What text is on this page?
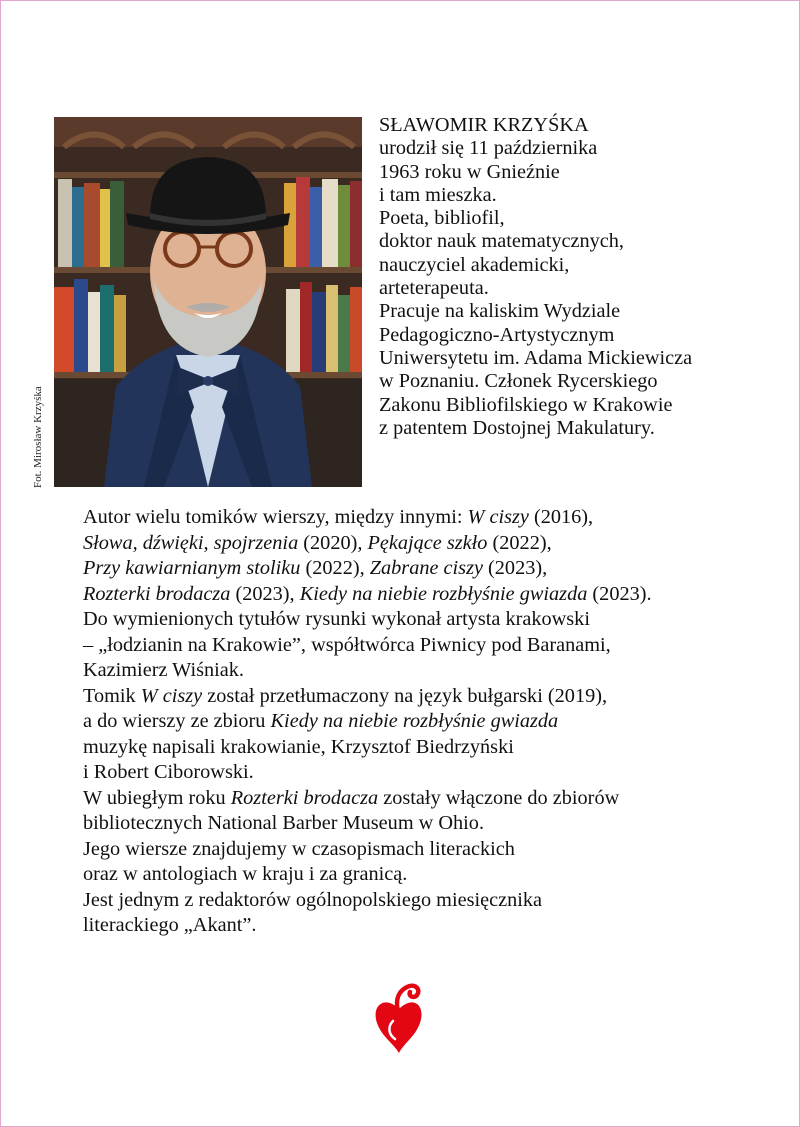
Fot. Mirosław Krzyśka
SŁAWOMIR KRZYŚKA
urodził się 11 października
1963 roku w Gnieźnie
i tam mieszka.
Poeta, bibliofil,
doktor nauk matematycznych,
nauczyciel akademicki,
arteterapeuta.
Pracuje na kaliskim Wydziale
Pedagogiczno-Artystycznym
Uniwersytetu im. Adama Mickiewicza
w Poznaniu. Członek Rycerskiego
Zakonu Bibliofilskiego w Krakowie
z patentem Dostojnej Makulatury.
Autor wielu tomików wierszy, między innymi: W ciszy (2016),
Słowa, dźwięki, spojrzenia (2020), Pękające szkło (2022),
Przy kawiarnianym stoliku (2022), Zabrane ciszy (2023),
Rozterki brodacza (2023), Kiedy na niebie rozbłyśnie gwiazda (2023).
Do wymienionych tytułów rysunki wykonał artysta krakowski
– „łodzianin na Krakowie”, współtwórca Piwnicy pod Baranami,
Kazimierz Wiśniak.
Tomik W ciszy został przetłumaczony na język bułgarski (2019),
a do wierszy ze zbioru Kiedy na niebie rozbłyśnie gwiazda
muzykę napisali krakowianie, Krzysztof Biedrzyński
i Robert Ciborowski.
W ubiegłym roku Rozterki brodacza zostały włączone do zbiorów
bibliotecznych National Barber Museum w Ohio.
Jego wiersze znajdujemy w czasopismach literackich
oraz w antologiach w kraju i za granicą.
Jest jednym z redaktorów ogólnopolskiego miesięcznika
literackiego „Akant”.
